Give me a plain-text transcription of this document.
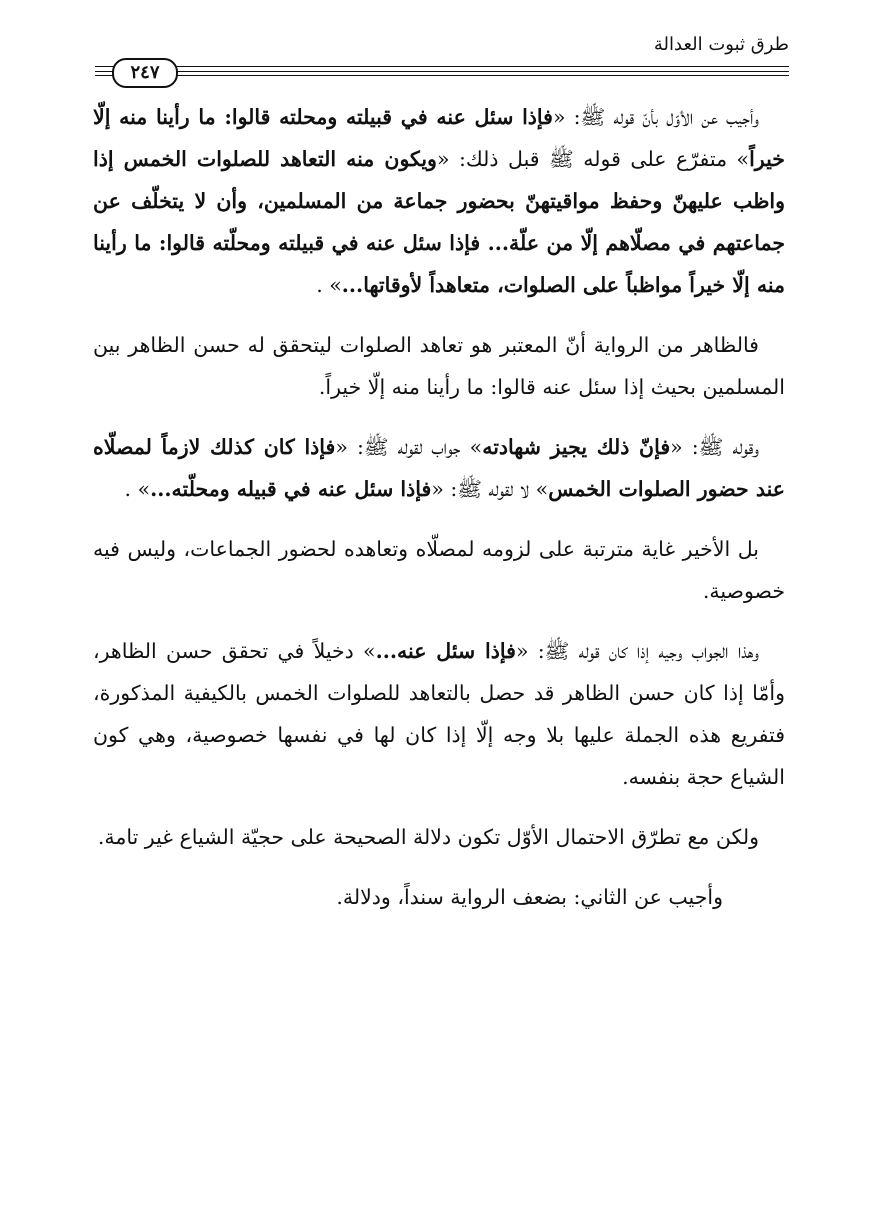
طرق ثبوت العدالة
٢٤٧

وأجيب عن الأوّل بأنّ قوله ﷺ: «فإذا سئل عنه في قبيلته ومحلته قالوا: ما رأينا منه إلّا خيراً» متفرّع على قوله ﷺ قبل ذلك: «ويكون منه التعاهد للصلوات الخمس إذا واظب عليهنّ وحفظ مواقيتهنّ بحضور جماعة من المسلمين، وأن لا يتخلّف عن جماعتهم في مصلّاهم إلّا من علّة... فإذا سئل عنه في قبيلته ومحلّته قالوا: ما رأينا منه إلّا خيراً مواظباً على الصلوات، متعاهداً لأوقاتها...» .

فالظاهر من الرواية أنّ المعتبر هو تعاهد الصلوات ليتحقق له حسن الظاهر بين المسلمين بحيث إذا سئل عنه قالوا: ما رأينا منه إلّا خيراً.

وقوله ﷺ: «فإنّ ذلك يجيز شهادته» جواب لقوله ﷺ: «فإذا كان كذلك لازماً لمصلّاه عند حضور الصلوات الخمس» لا لقوله ﷺ: «فإذا سئل عنه في قبيله ومحلّته...» .

بل الأخير غاية مترتبة على لزومه لمصلّاه وتعاهده لحضور الجماعات، وليس فيه خصوصية.

وهذا الجواب وجيه إذا كان قوله ﷺ: «فإذا سئل عنه...» دخيلاً في تحقق حسن الظاهر، وأمّا إذا كان حسن الظاهر قد حصل بالتعاهد للصلوات الخمس بالكيفية المذكورة، فتفريع هذه الجملة عليها بلا وجه إلّا إذا كان لها في نفسها خصوصية، وهي كون الشياع حجة بنفسه.

ولكن مع تطرّق الاحتمال الأوّل تكون دلالة الصحيحة على حجيّة الشياع غير تامة.

وأجيب عن الثاني: بضعف الرواية سنداً، ودلالة.
